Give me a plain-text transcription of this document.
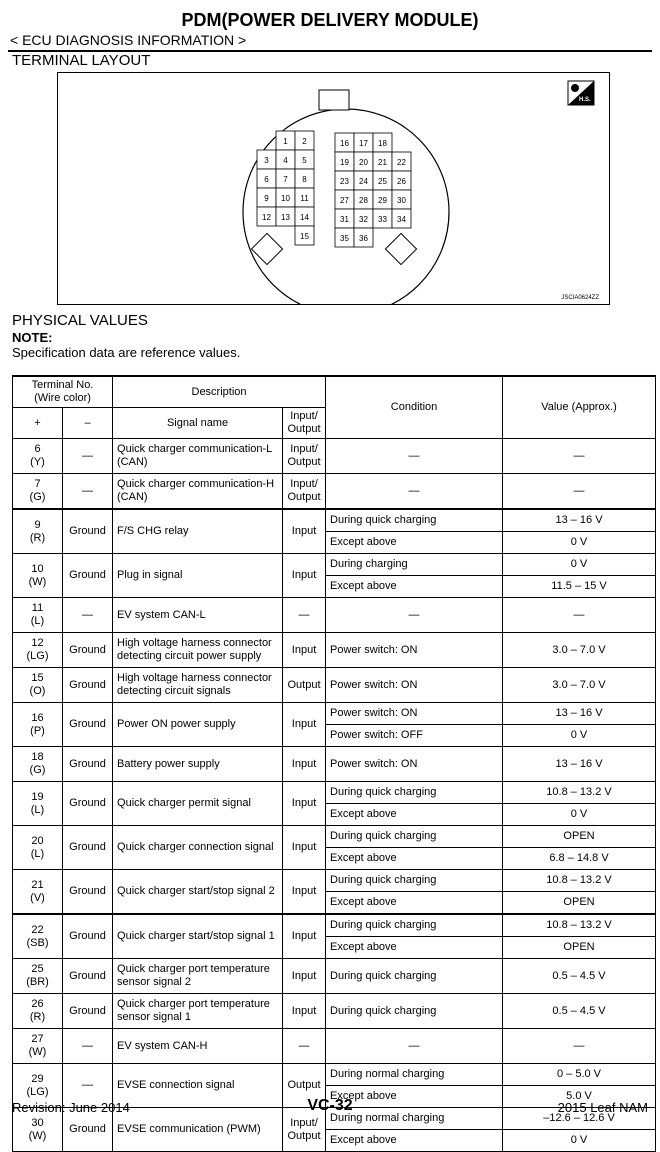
PDM(POWER DELIVERY MODULE)
< ECU DIAGNOSIS INFORMATION >
TERMINAL LAYOUT
H.S.
1 2
3 4 5
6 7 8
9 10 11
12 13 14
15
16 17 18
19 20 21 22
23 24 25 26
27 28 29 30
31 32 33 34
35 36
JSCIA0624ZZ
PHYSICAL VALUES
NOTE:
Specification data are reference values.
Terminal No. (Wire color)		Description		Condition	Value (Approx.)
+	–	Signal name	Input/ Output		
6
(Y)	—	Quick charger communication-L (CAN)	Input/ Output	—	—
7
(G)	—	Quick charger communication-H (CAN)	Input/ Output	—	—
9
(R)	Ground	F/S CHG relay	Input	During quick charging	13 – 16 V
				Except above	0 V
10
(W)	Ground	Plug in signal	Input	During charging	0 V
				Except above	11.5 – 15 V
11
(L)	—	EV system CAN-L	—	—	—
12
(LG)	Ground	High voltage harness connector detecting circuit power supply	Input	Power switch: ON	3.0 – 7.0 V
15
(O)	Ground	High voltage harness connector detecting circuit signals	Output	Power switch: ON	3.0 – 7.0 V
16
(P)	Ground	Power ON power supply	Input	Power switch: ON	13 – 16 V
				Power switch: OFF	0 V
18
(G)	Ground	Battery power supply	Input	Power switch: ON	13 – 16 V
19
(L)	Ground	Quick charger permit signal	Input	During quick charging	10.8 – 13.2 V
				Except above	0 V
20
(L)	Ground	Quick charger connection signal	Input	During quick charging	OPEN
				Except above	6.8 – 14.8 V
21
(V)	Ground	Quick charger start/stop signal 2	Input	During quick charging	10.8 – 13.2 V
				Except above	OPEN
22
(SB)	Ground	Quick charger start/stop signal 1	Input	During quick charging	10.8 – 13.2 V
				Except above	OPEN
25
(BR)	Ground	Quick charger port temperature sensor signal 2	Input	During quick charging	0.5 – 4.5 V
26
(R)	Ground	Quick charger port temperature sensor signal 1	Input	During quick charging	0.5 – 4.5 V
27
(W)	—	EV system CAN-H	—	—	—
29
(LG)	—	EVSE connection signal	Output	During normal charging	0 – 5.0 V
				Except above	5.0 V
30
(W)	Ground	EVSE communication (PWM)	Input/ Output	During normal charging	–12.6 – 12.6 V
				Except above	0 V
Revision: June 2014	VC-32	2015 Leaf NAM
